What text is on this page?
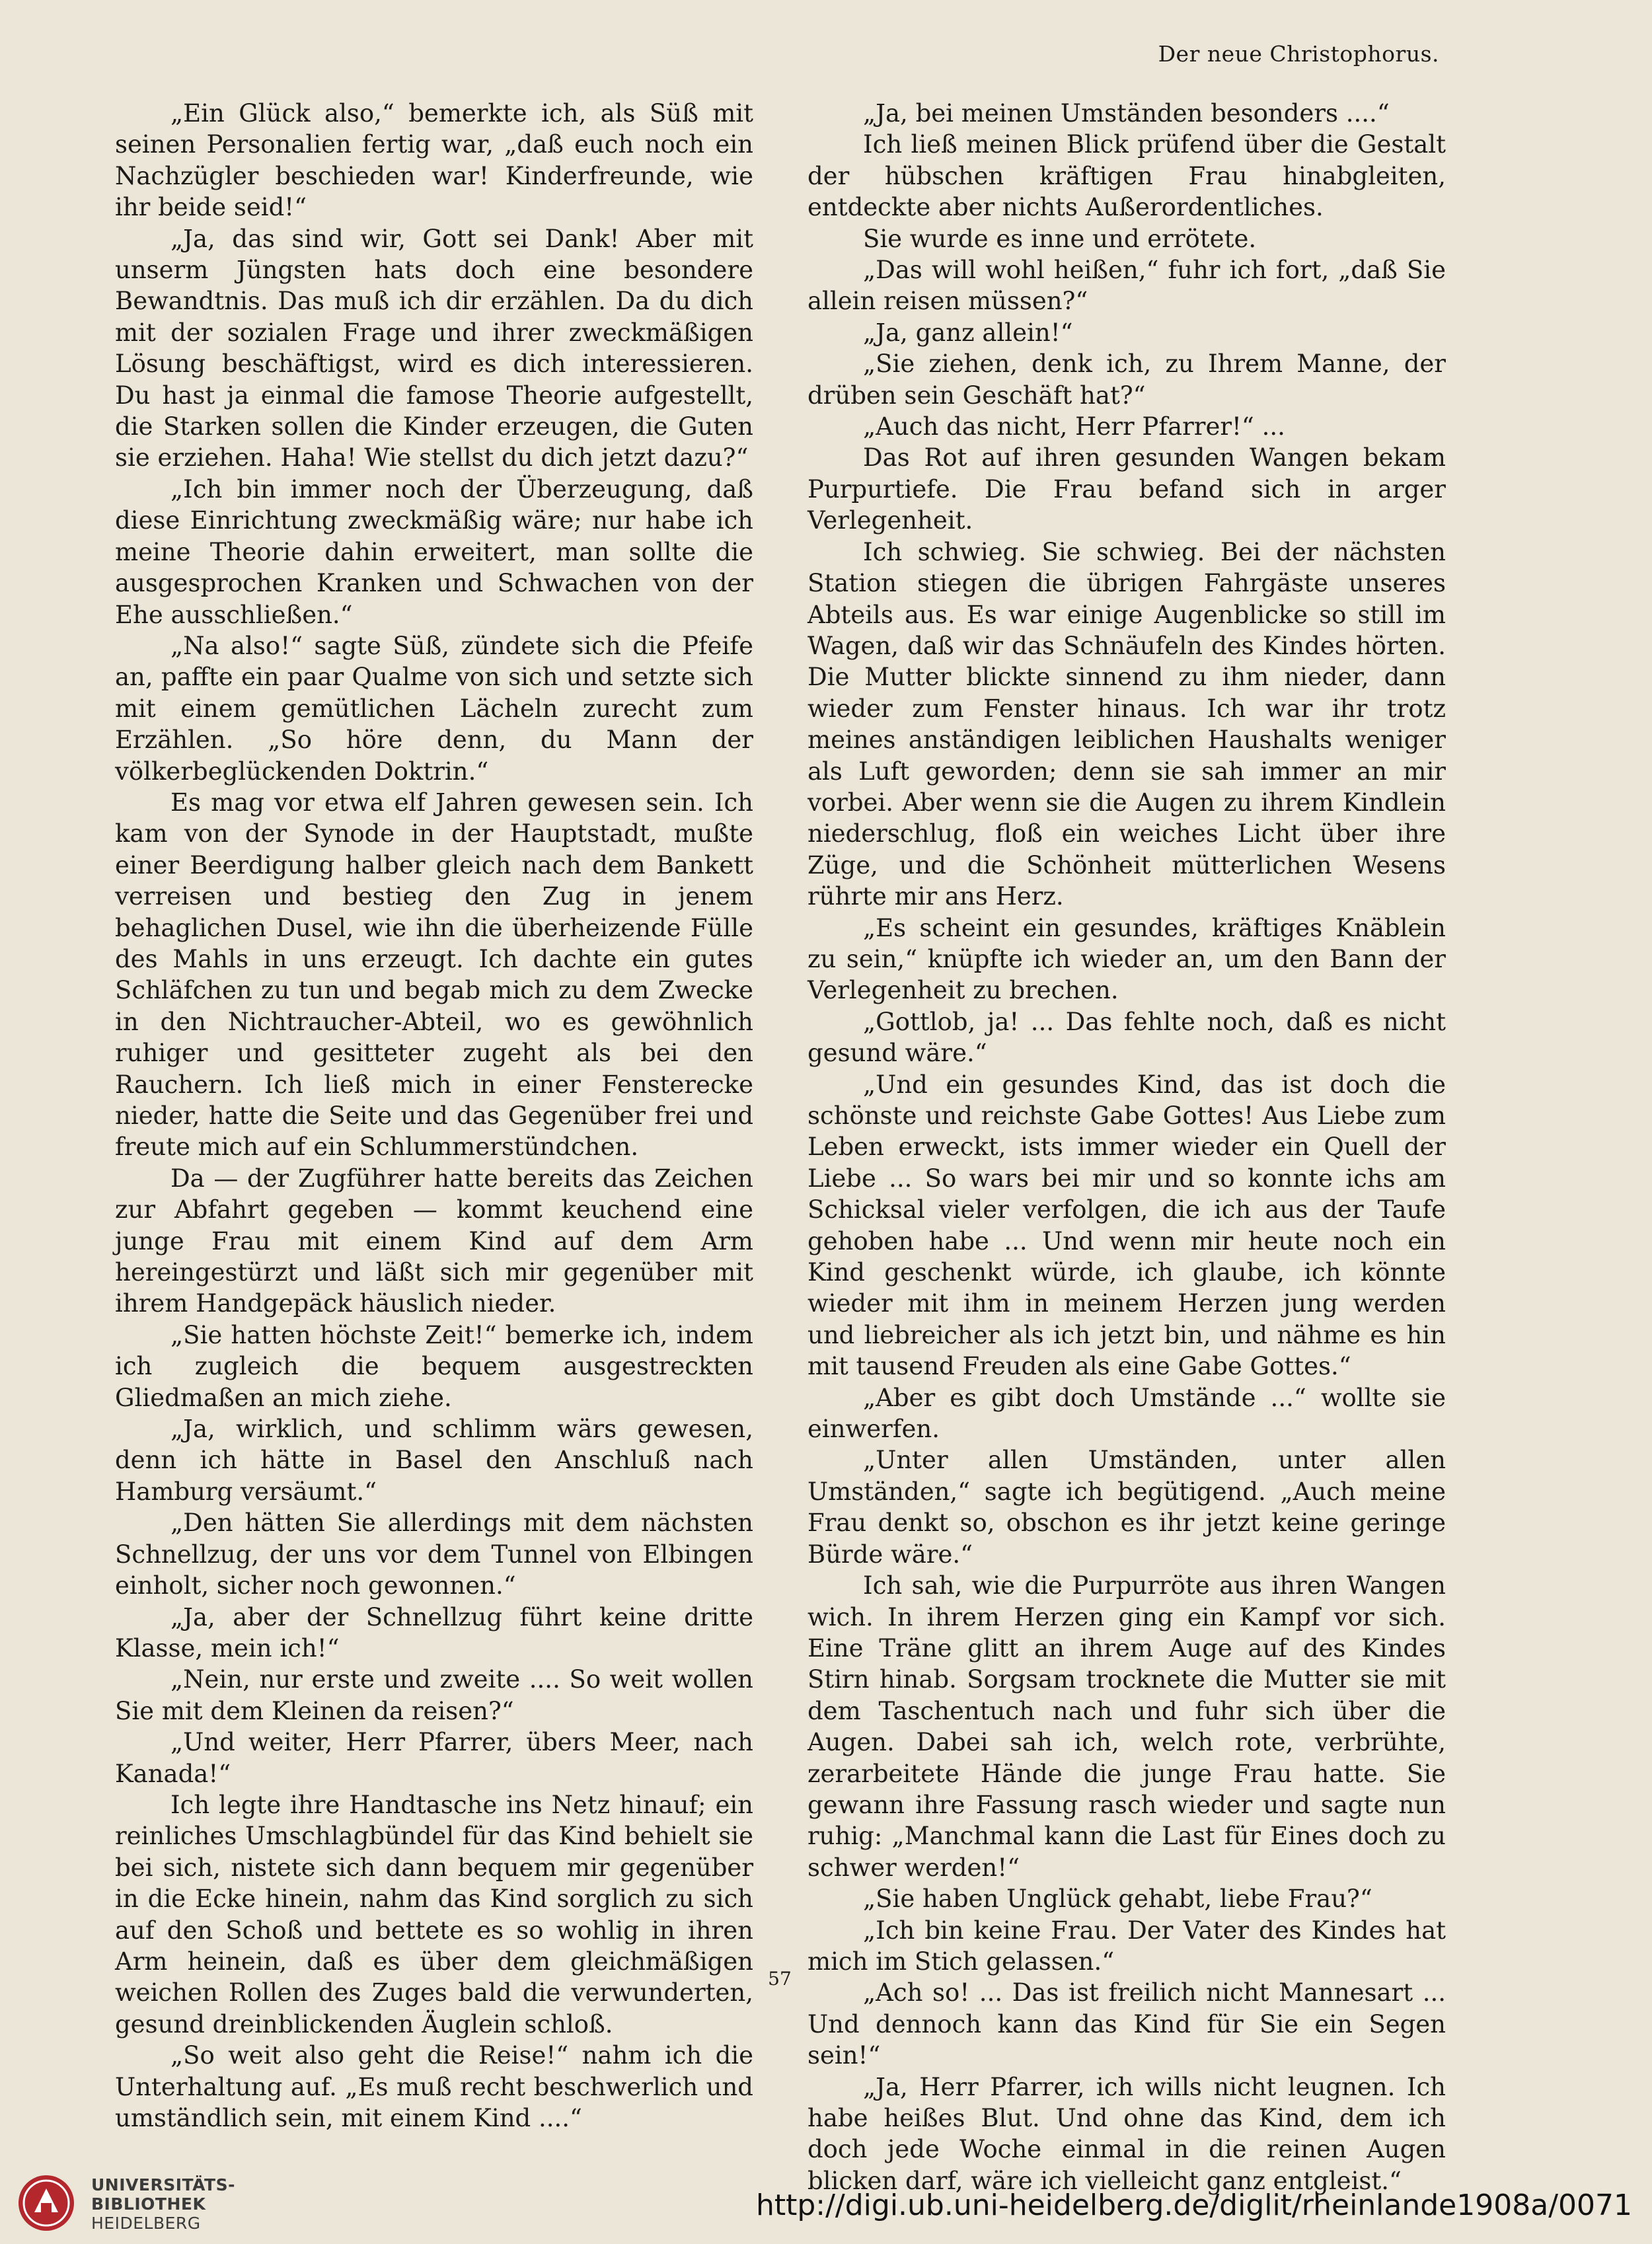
Der neue Christophorus.

„Ein Glück also,“ bemerkte ich, als Süß mit seinen Personalien fertig war, „daß euch noch ein Nachzügler beschieden war! Kinderfreunde, wie ihr beide seid!“

„Ja, das sind wir, Gott sei Dank! Aber mit unserm Jüngsten hats doch eine besondere Bewandtnis. Das muß ich dir erzählen. Da du dich mit der sozialen Frage und ihrer zweckmäßigen Lösung beschäftigst, wird es dich interessieren. Du hast ja einmal die famose Theorie aufgestellt, die Starken sollen die Kinder erzeugen, die Guten sie erziehen. Haha! Wie stellst du dich jetzt dazu?“

„Ich bin immer noch der Überzeugung, daß diese Einrichtung zweckmäßig wäre; nur habe ich meine Theorie dahin erweitert, man sollte die ausgesprochen Kranken und Schwachen von der Ehe ausschließen.“

„Na also!“ sagte Süß, zündete sich die Pfeife an, paffte ein paar Qualme von sich und setzte sich mit einem gemütlichen Lächeln zurecht zum Erzählen. „So höre denn, du Mann der völkerbeglückenden Doktrin.“

Es mag vor etwa elf Jahren gewesen sein. Ich kam von der Synode in der Hauptstadt, mußte einer Beerdigung halber gleich nach dem Bankett verreisen und bestieg den Zug in jenem behaglichen Dusel, wie ihn die überheizende Fülle des Mahls in uns erzeugt. Ich dachte ein gutes Schläfchen zu tun und begab mich zu dem Zwecke in den Nichtraucher-Abteil, wo es gewöhnlich ruhiger und gesitteter zugeht als bei den Rauchern. Ich ließ mich in einer Fensterecke nieder, hatte die Seite und das Gegenüber frei und freute mich auf ein Schlummerstündchen.

Da — der Zugführer hatte bereits das Zeichen zur Abfahrt gegeben — kommt keuchend eine junge Frau mit einem Kind auf dem Arm hereingestürzt und läßt sich mir gegenüber mit ihrem Handgepäck häuslich nieder.

„Sie hatten höchste Zeit!“ bemerke ich, indem ich zugleich die bequem ausgestreckten Gliedmaßen an mich ziehe.

„Ja, wirklich, und schlimm wärs gewesen, denn ich hätte in Basel den Anschluß nach Hamburg versäumt.“

„Den hätten Sie allerdings mit dem nächsten Schnellzug, der uns vor dem Tunnel von Elbingen einholt, sicher noch gewonnen.“

„Ja, aber der Schnellzug führt keine dritte Klasse, mein ich!“

„Nein, nur erste und zweite .... So weit wollen Sie mit dem Kleinen da reisen?“

„Und weiter, Herr Pfarrer, übers Meer, nach Kanada!“

Ich legte ihre Handtasche ins Netz hinauf; ein reinliches Umschlagbündel für das Kind behielt sie bei sich, nistete sich dann bequem mir gegenüber in die Ecke hinein, nahm das Kind sorglich zu sich auf den Schoß und bettete es so wohlig in ihren Arm heinein, daß es über dem gleichmäßigen weichen Rollen des Zuges bald die verwunderten, gesund dreinblickenden Äuglein schloß.

„So weit also geht die Reise!“ nahm ich die Unterhaltung auf. „Es muß recht beschwerlich und umständlich sein, mit einem Kind ....“

„Ja, bei meinen Umständen besonders ....“

Ich ließ meinen Blick prüfend über die Gestalt der hübschen kräftigen Frau hinabgleiten, entdeckte aber nichts Außerordentliches.

Sie wurde es inne und errötete.

„Das will wohl heißen,“ fuhr ich fort, „daß Sie allein reisen müssen?“

„Ja, ganz allein!“

„Sie ziehen, denk ich, zu Ihrem Manne, der drüben sein Geschäft hat?“

„Auch das nicht, Herr Pfarrer!“ ...

Das Rot auf ihren gesunden Wangen bekam Purpurtiefe. Die Frau befand sich in arger Verlegenheit.

Ich schwieg. Sie schwieg. Bei der nächsten Station stiegen die übrigen Fahrgäste unseres Abteils aus. Es war einige Augenblicke so still im Wagen, daß wir das Schnäufeln des Kindes hörten. Die Mutter blickte sinnend zu ihm nieder, dann wieder zum Fenster hinaus. Ich war ihr trotz meines anständigen leiblichen Haushalts weniger als Luft geworden; denn sie sah immer an mir vorbei. Aber wenn sie die Augen zu ihrem Kindlein niederschlug, floß ein weiches Licht über ihre Züge, und die Schönheit mütterlichen Wesens rührte mir ans Herz.

„Es scheint ein gesundes, kräftiges Knäblein zu sein,“ knüpfte ich wieder an, um den Bann der Verlegenheit zu brechen.

„Gottlob, ja! ... Das fehlte noch, daß es nicht gesund wäre.“

„Und ein gesundes Kind, das ist doch die schönste und reichste Gabe Gottes! Aus Liebe zum Leben erweckt, ists immer wieder ein Quell der Liebe ... So wars bei mir und so konnte ichs am Schicksal vieler verfolgen, die ich aus der Taufe gehoben habe ... Und wenn mir heute noch ein Kind geschenkt würde, ich glaube, ich könnte wieder mit ihm in meinem Herzen jung werden und liebreicher als ich jetzt bin, und nähme es hin mit tausend Freuden als eine Gabe Gottes.“

„Aber es gibt doch Umstände ...“ wollte sie einwerfen.

„Unter allen Umständen, unter allen Umständen,“ sagte ich begütigend. „Auch meine Frau denkt so, obschon es ihr jetzt keine geringe Bürde wäre.“

Ich sah, wie die Purpurröte aus ihren Wangen wich. In ihrem Herzen ging ein Kampf vor sich. Eine Träne glitt an ihrem Auge auf des Kindes Stirn hinab. Sorgsam trocknete die Mutter sie mit dem Taschentuch nach und fuhr sich über die Augen. Dabei sah ich, welch rote, verbrühte, zerarbeitete Hände die junge Frau hatte. Sie gewann ihre Fassung rasch wieder und sagte nun ruhig: „Manchmal kann die Last für Eines doch zu schwer werden!“

„Sie haben Unglück gehabt, liebe Frau?“

„Ich bin keine Frau. Der Vater des Kindes hat mich im Stich gelassen.“

„Ach so! ... Das ist freilich nicht Mannesart ... Und dennoch kann das Kind für Sie ein Segen sein!“

„Ja, Herr Pfarrer, ich wills nicht leugnen. Ich habe heißes Blut. Und ohne das Kind, dem ich doch jede Woche einmal in die reinen Augen blicken darf, wäre ich vielleicht ganz entgleist.“

57
UNIVERSITÄTS-
BIBLIOTHEK
HEIDELBERG
http://digi.ub.uni-heidelberg.de/diglit/rheinlande1908a/0071
